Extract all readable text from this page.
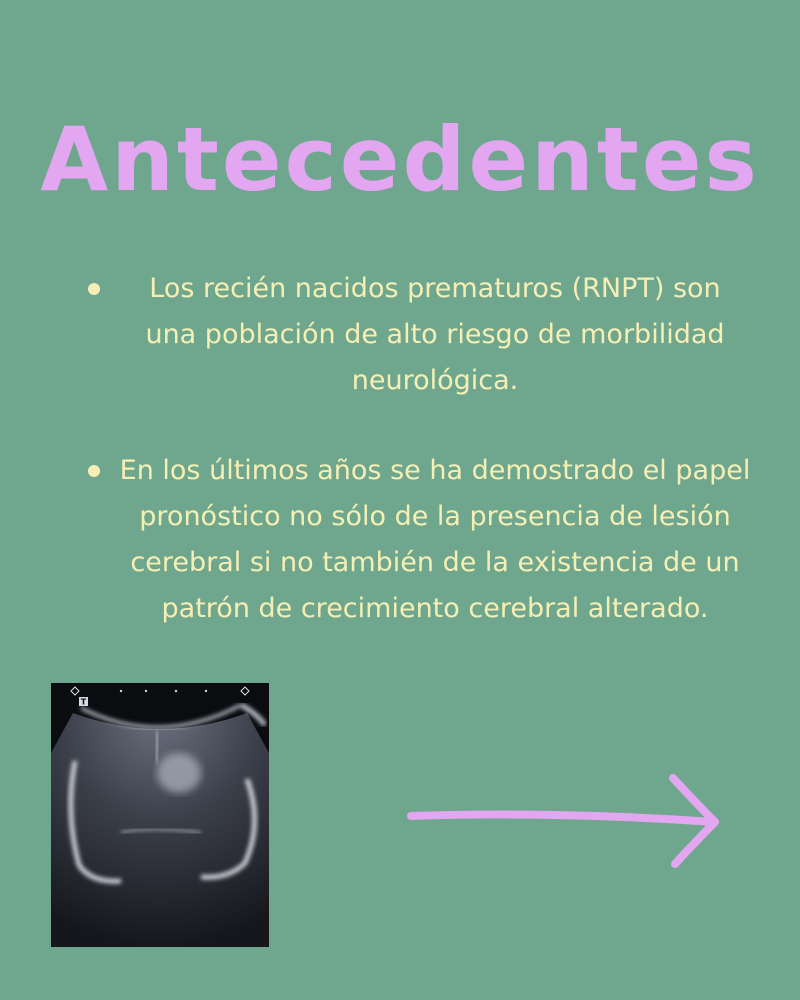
Antecedentes
Los recién nacidos prematuros (RNPT) son una población de alto riesgo de morbilidad neurológica.
En los últimos años se ha demostrado el papel pronóstico no sólo de la presencia de lesión cerebral si no también de la existencia de un patrón de crecimiento cerebral alterado.
T
